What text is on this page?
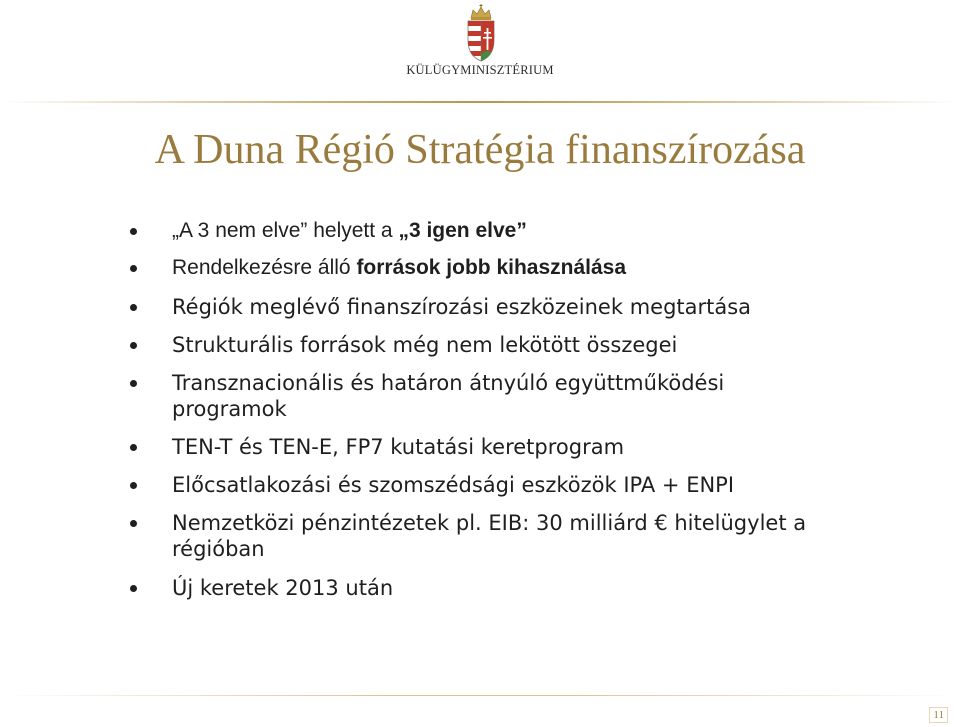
KÜLÜGYMINISZTÉRIUM
A Duna Régió Stratégia finanszírozása
„A 3 nem elve” helyett a „3 igen elve”
Rendelkezésre álló források jobb kihasználása
Régiók meglévő finanszírozási eszközeinek megtartása
Strukturális források még nem lekötött összegei
Transznacionális és határon átnyúló együttműködési programok
TEN-T és TEN-E, FP7 kutatási keretprogram
Előcsatlakozási és szomszédsági eszközök IPA + ENPI
Nemzetközi pénzintézetek pl. EIB: 30 milliárd € hitelügylet a régióban
Új keretek 2013 után
11
